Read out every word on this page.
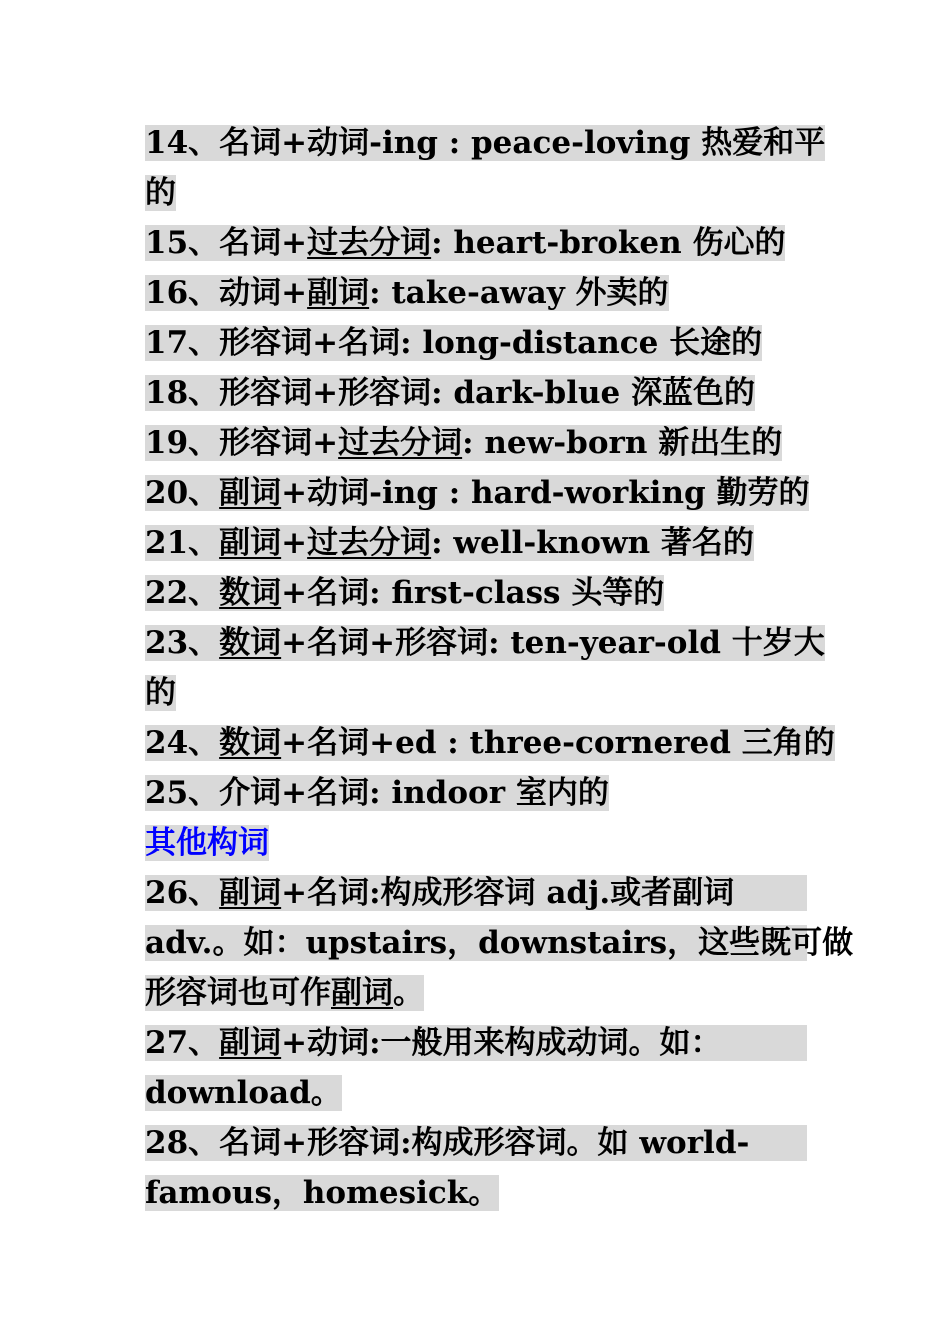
14、名词+动词-ing : peace-loving 热爱和平
的
15、名词+过去分词: heart-broken 伤心的
16、动词+副词: take-away 外卖的
17、形容词+名词: long-distance 长途的
18、形容词+形容词: dark-blue 深蓝色的
19、形容词+过去分词: new-born 新出生的
20、副词+动词-ing : hard-working 勤劳的
21、副词+过去分词: well-known 著名的
22、数词+名词: first-class 头等的
23、数词+名词+形容词: ten-year-old 十岁大
的
24、数词+名词+ed : three-cornered 三角的
25、介词+名词: indoor 室内的
其他构词
26、副词+名词:构成形容词 adj.或者副词
adv.。如：upstairs，downstairs，这些既可做
形容词也可作副词。
27、副词+动词:一般用来构成动词。如：
download。
28、名词+形容词:构成形容词。如 world-
famous，homesick。
